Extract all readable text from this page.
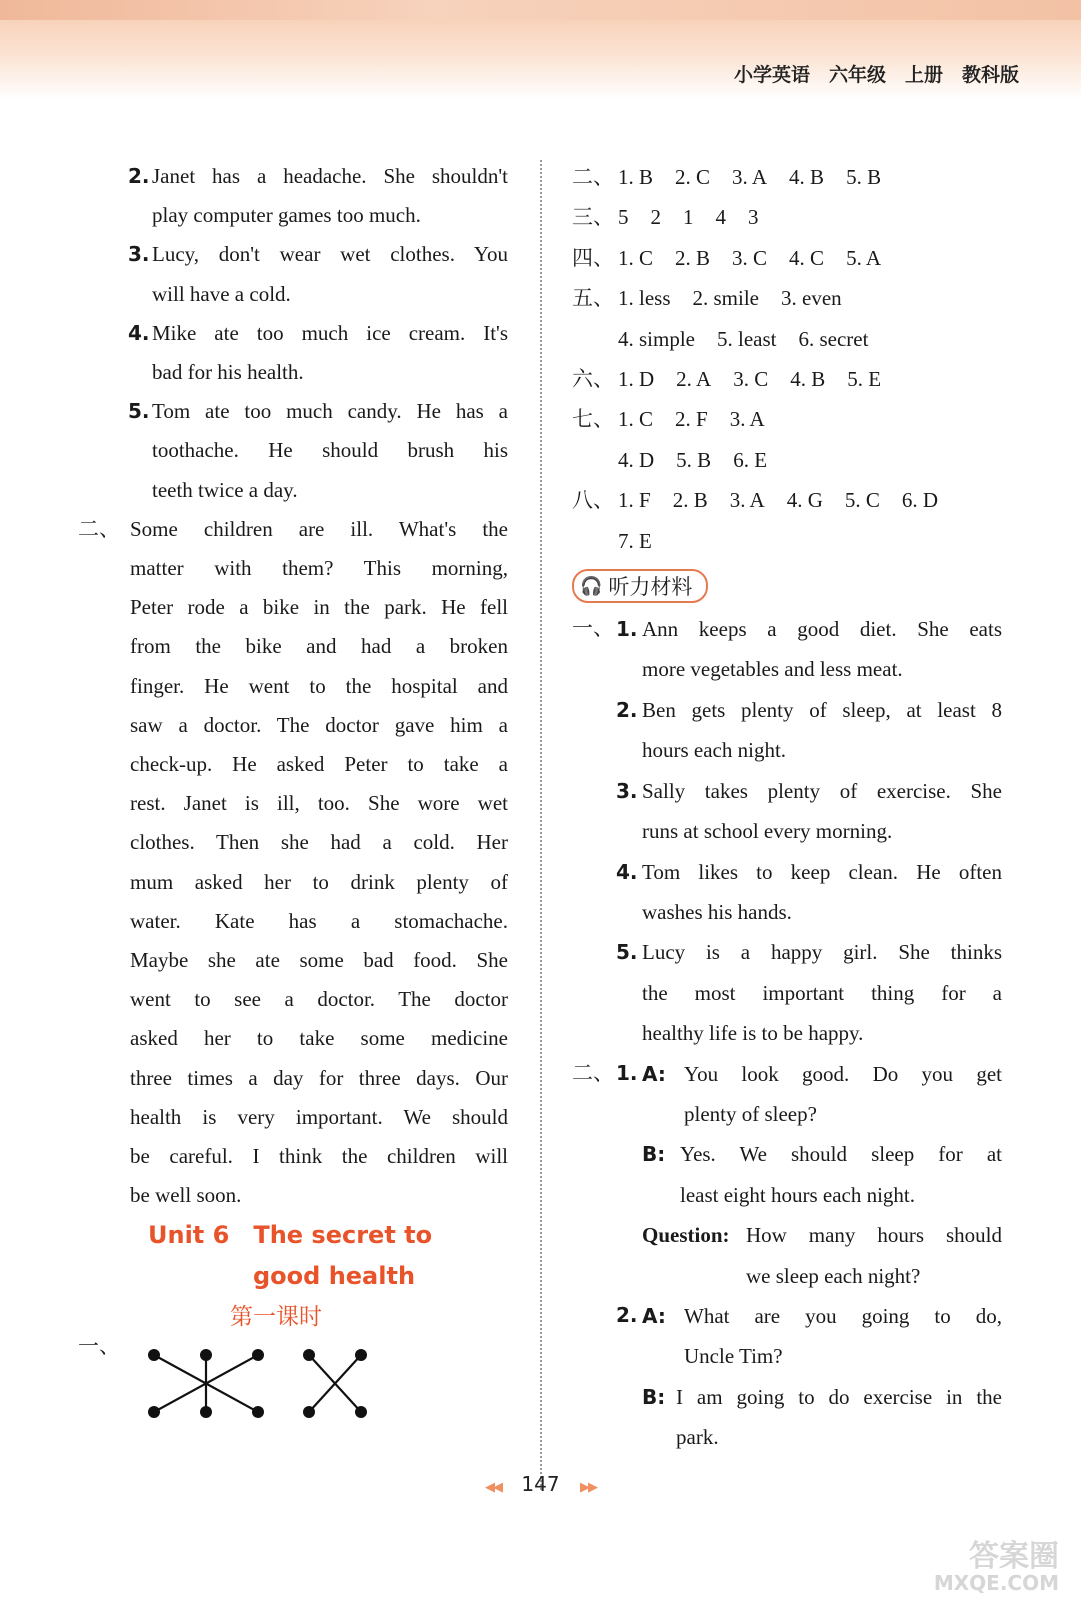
小学英语　六年级　上册　教科版
2. Janet has a headache. She shouldn't
play computer games too much.
3. Lucy, don't wear wet clothes. You
will have a cold.
4. Mike ate too much ice cream. It's
bad for his health.
5. Tom ate too much candy. He has a
toothache. He should brush his
teeth twice a day.
二、 Some children are ill. What's the
matter with them? This morning,
Peter rode a bike in the park. He fell
from the bike and had a broken
finger. He went to the hospital and
saw a doctor. The doctor gave him a
check-up. He asked Peter to take a
rest. Janet is ill, too. She wore wet
clothes. Then she had a cold. Her
mum asked her to drink plenty of
water. Kate has a stomachache.
Maybe she ate some bad food. She
went to see a doctor. The doctor
asked her to take some medicine
three times a day for three days. Our
health is very important. We should
be careful. I think the children will
be well soon.
Unit 6　The secret to
good health
第一课时
一、
二、 1. B 2. C 3. A 4. B 5. B
三、 5 2 1 4 3
四、 1. C 2. B 3. C 4. C 5. A
五、 1. less 2. smile 3. even
4. simple 5. least 6. secret
六、 1. D 2. A 3. C 4. B 5. E
七、 1. C 2. F 3. A
4. D 5. B 6. E
八、 1. F 2. B 3. A 4. G 5. C 6. D
7. E
🎧 听力材料
一、 1. Ann keeps a good diet. She eats
more vegetables and less meat.
2. Ben gets plenty of sleep, at least 8
hours each night.
3. Sally takes plenty of exercise. She
runs at school every morning.
4. Tom likes to keep clean. He often
washes his hands.
5. Lucy is a happy girl. She thinks
the most important thing for a
healthy life is to be happy.
二、 1. A: You look good. Do you get
plenty of sleep?
B: Yes. We should sleep for at
least eight hours each night.
Question: How many hours should
we sleep each night?
2. A: What are you going to do,
Uncle Tim?
B: I am going to do exercise in the
park.
◀◀ 147 ▶▶
答案圈
MXQE.COM
